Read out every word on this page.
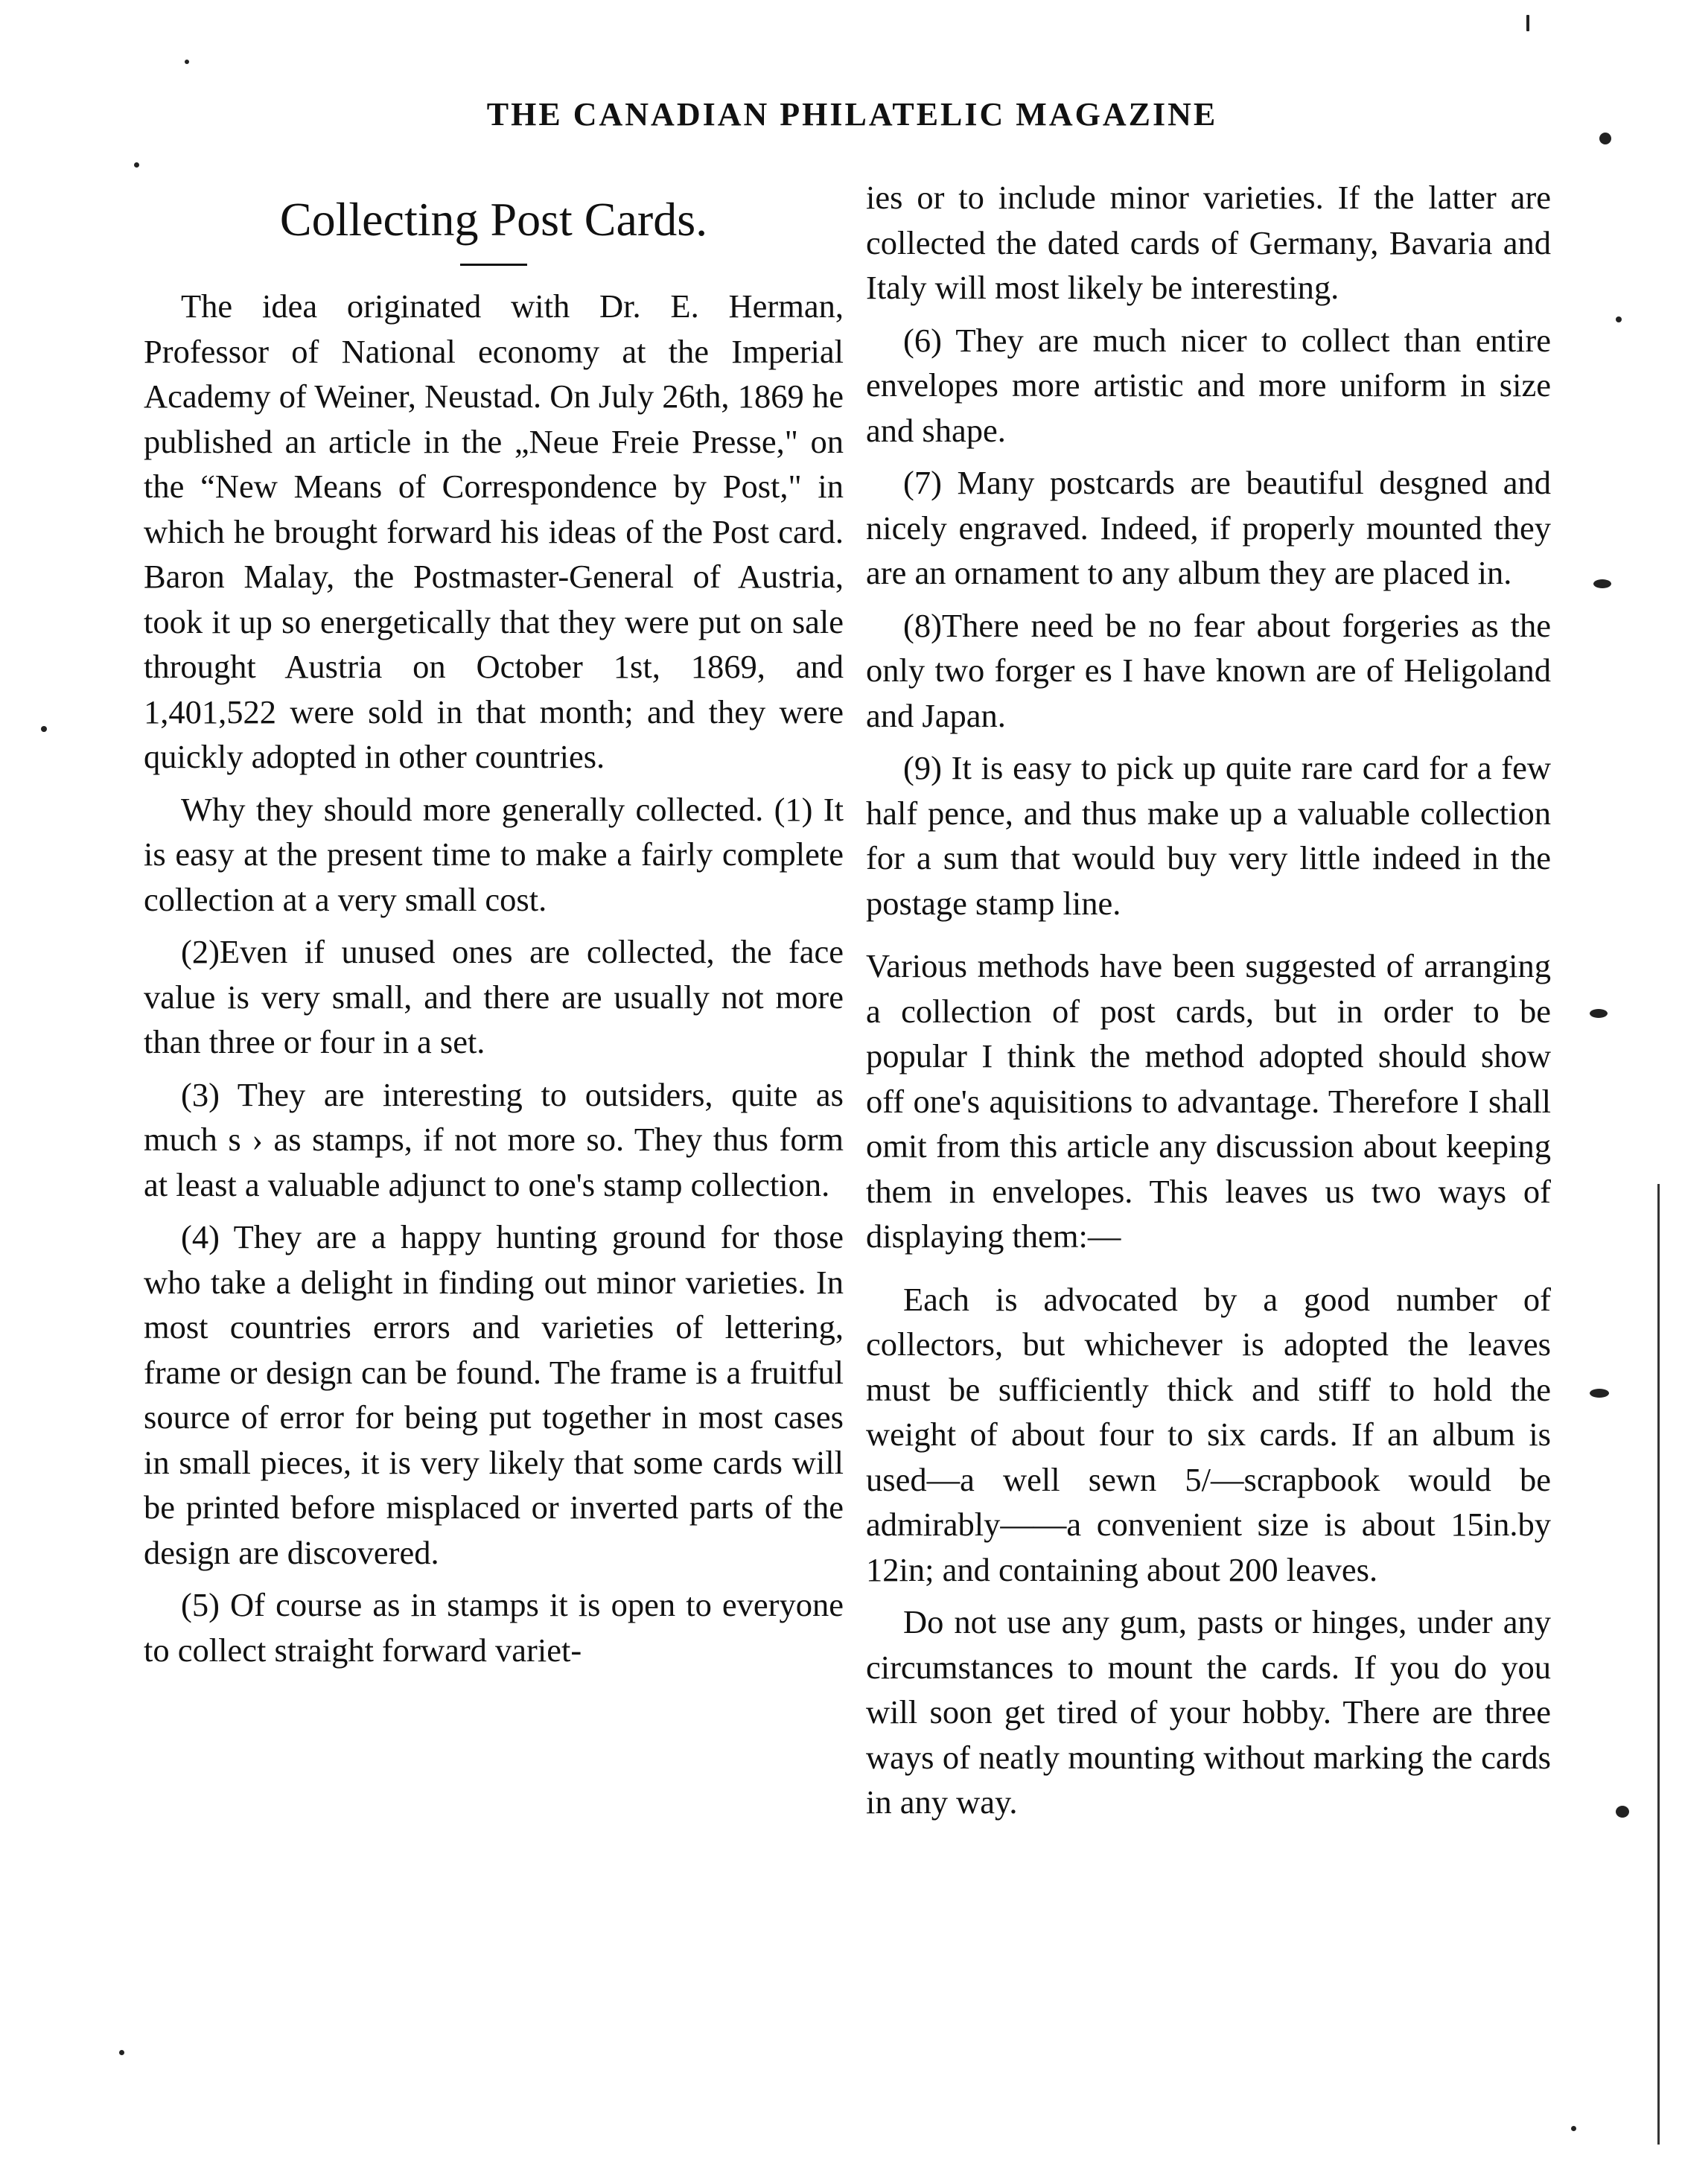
THE CANADIAN PHILATELIC MAGAZINE
Collecting Post Cards.

The idea originated with Dr. E. Herman, Professor of National economy at the Imperial Academy of Weiner, Neustad. On July 26th, 1869 he published an article in the „Neue Freie Presse," on the “New Means of Correspondence by Post," in which he brought forward his ideas of the Post card. Baron Malay, the Postmaster-General of Austria, took it up so energetically that they were put on sale throught Austria on October 1st, 1869, and 1,401,522 were sold in that month; and they were quickly adopted in other countries.

Why they should more generally collected. (1) It is easy at the present time to make a fairly complete collection at a very small cost.

(2)Even if unused ones are collected, the face value is very small, and there are usually not more than three or four in a set.

(3) They are interesting to outsiders, quite as much s › as stamps, if not more so. They thus form at least a valuable adjunct to one's stamp collection.

(4) They are a happy hunting ground for those who take a delight in finding out minor varieties. In most countries errors and varieties of lettering, frame or design can be found. The frame is a fruitful source of error for being put together in most cases in small pieces, it is very likely that some cards will be printed before misplaced or inverted parts of the design are discovered.

(5) Of course as in stamps it is open to everyone to collect straight forward variet-

ies or to include minor varieties. If the latter are collected the dated cards of Germany, Bavaria and Italy will most likely be interesting.

(6) They are much nicer to collect than entire envelopes more artistic and more uniform in size and shape.

(7) Many postcards are beautiful desgned and nicely engraved. Indeed, if properly mounted they are an ornament to any album they are placed in.

(8)There need be no fear about forgeries as the only two forger es I have known are of Heligoland and Japan.

(9) It is easy to pick up quite rare card for a few half pence, and thus make up a valuable collection for a sum that would buy very little indeed in the postage stamp line.

Various methods have been suggested of arranging a collection of post cards, but in order to be popular I think the method adopted should show off one's aquisitions to advantage. Therefore I shall omit from this article any discussion about keeping them in envelopes. This leaves us two ways of displaying them:—

Each is advocated by a good number of collectors, but whichever is adopted the leaves must be sufficiently thick and stiff to hold the weight of about four to six cards. If an album is used—a well sewn 5/—scrapbook would be admirably——a convenient size is about 15in.by 12in; and containing about 200 leaves.

Do not use any gum, pasts or hinges, under any circumstances to mount the cards. If you do you will soon get tired of your hobby. There are three ways of neatly mounting without marking the cards in any way.
